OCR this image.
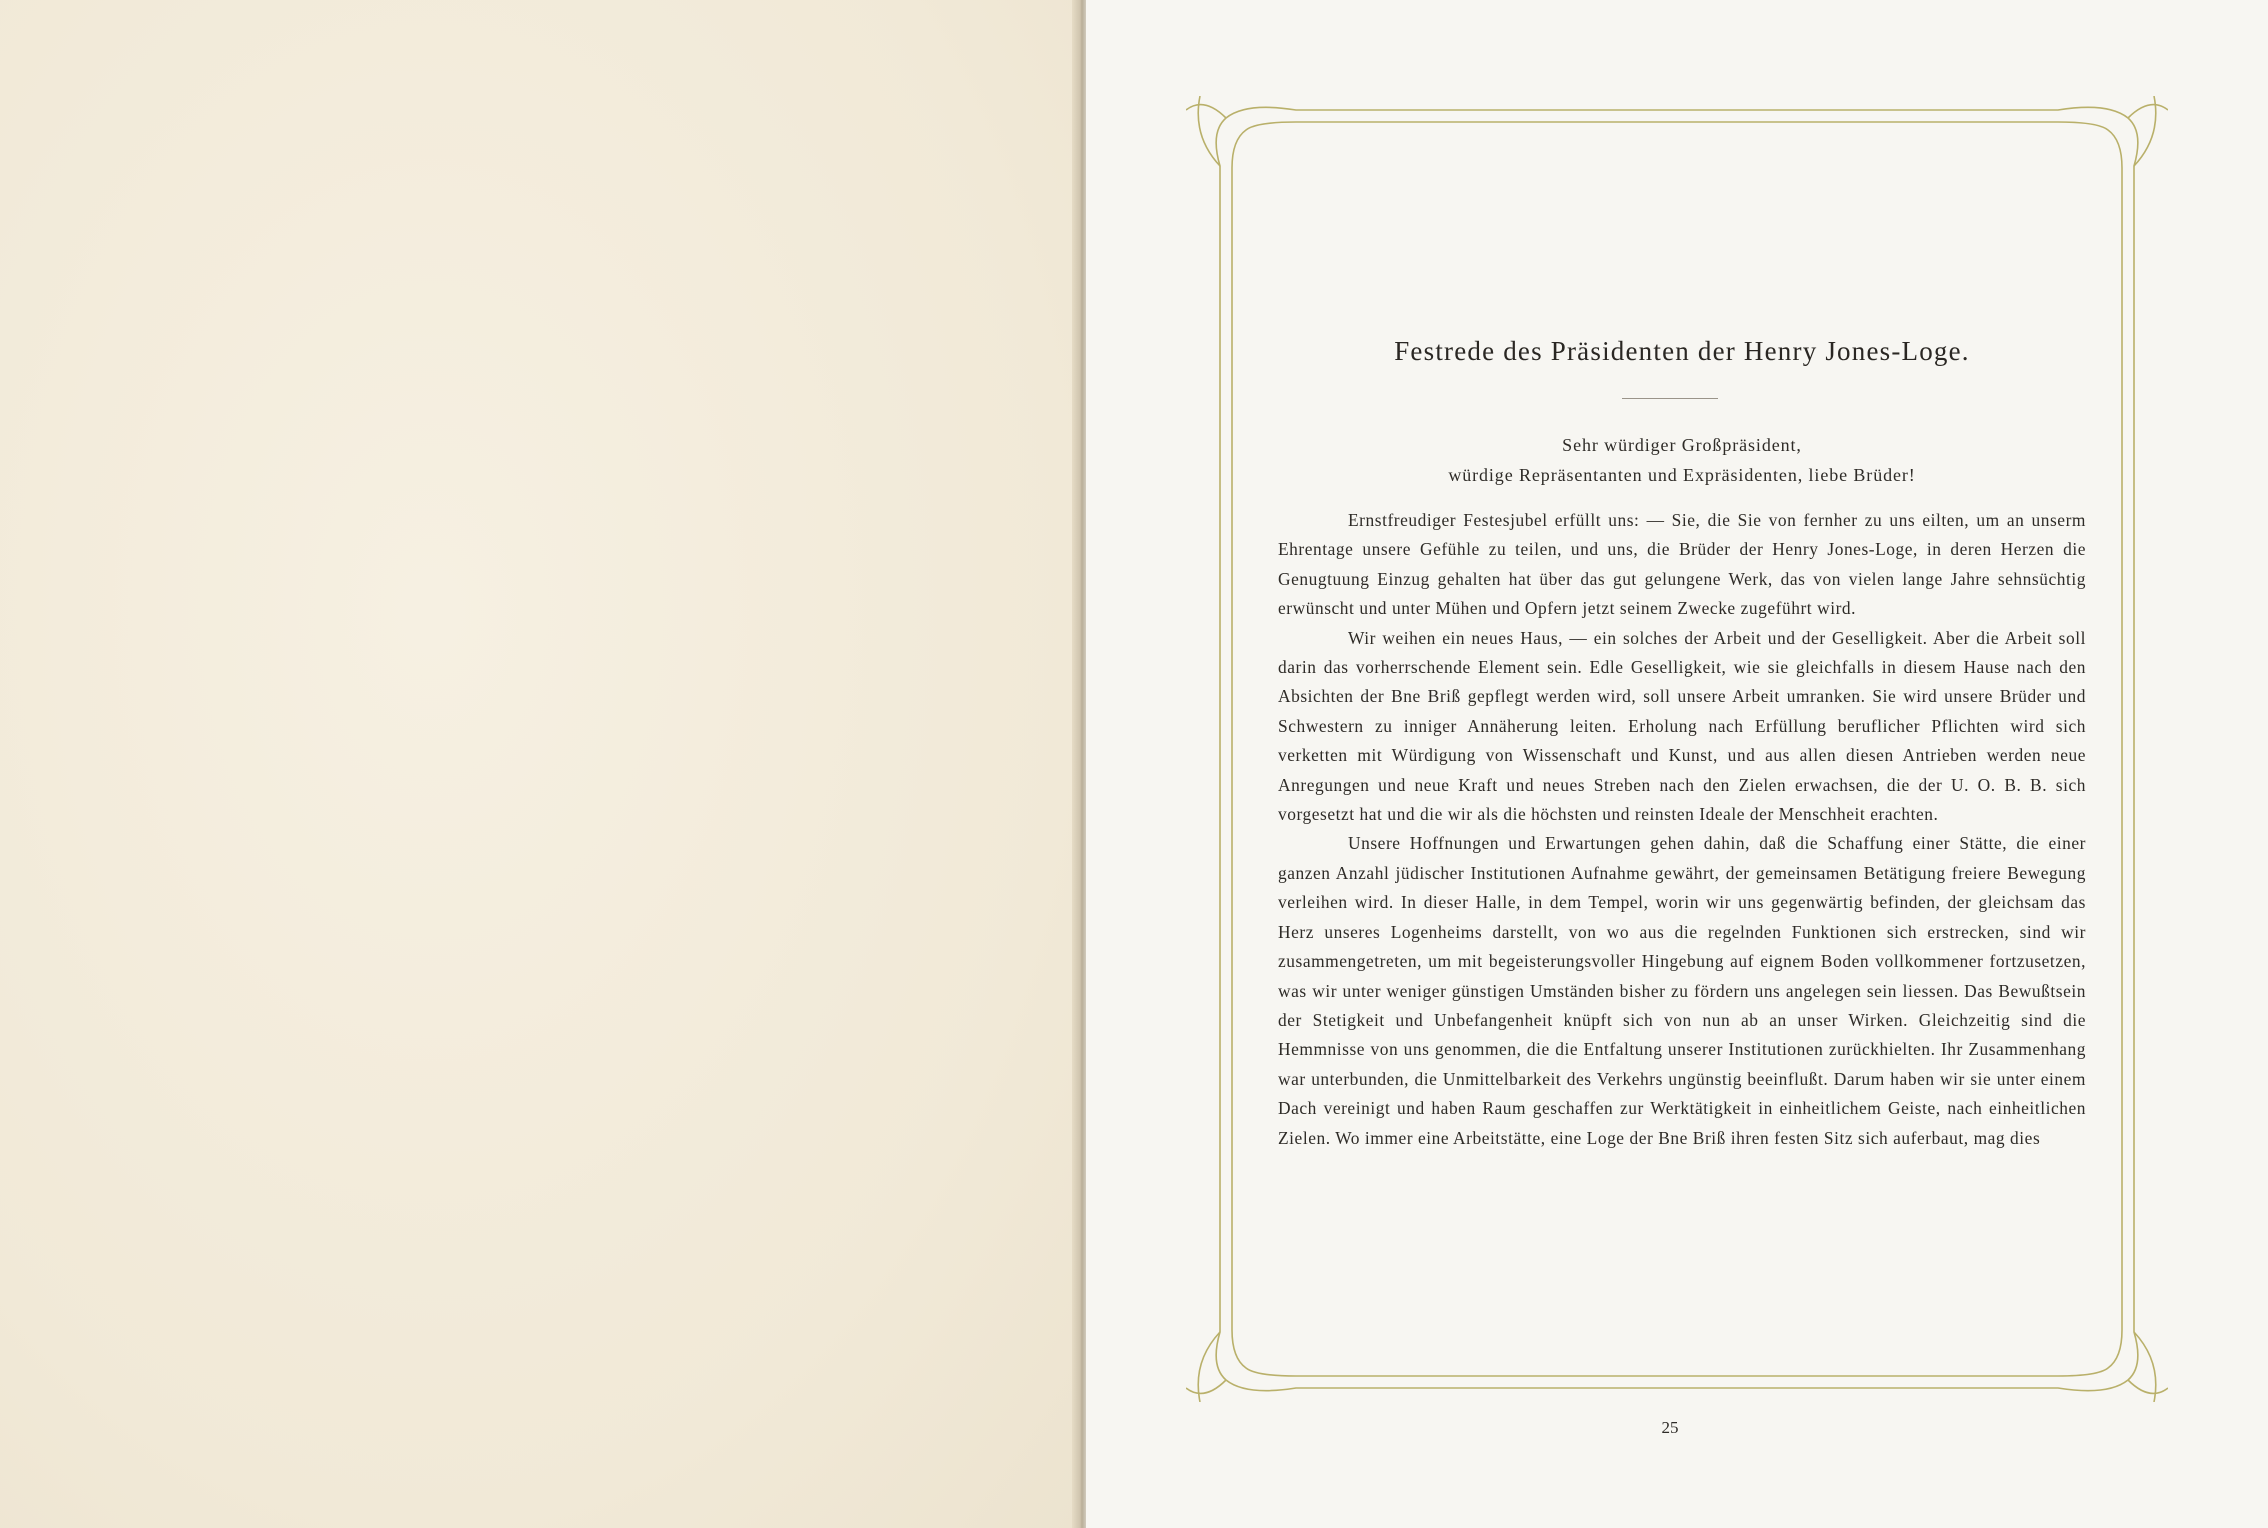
Festrede des Präsidenten der Henry Jones-Loge.
Sehr würdiger Großpräsident,
würdige Repräsentanten und Expräsidenten, liebe Brüder!

Ernstfreudiger Festesjubel erfüllt uns: — Sie, die Sie von fernher zu uns eilten, um an unserm Ehrentage unsere Gefühle zu teilen, und uns, die Brüder der Henry Jones-Loge, in deren Herzen die Genugtuung Einzug gehalten hat über das gut gelungene Werk, das von vielen lange Jahre sehnsüchtig erwünscht und unter Mühen und Opfern jetzt seinem Zwecke zugeführt wird.

Wir weihen ein neues Haus, — ein solches der Arbeit und der Geselligkeit. Aber die Arbeit soll darin das vorherrschende Element sein. Edle Geselligkeit, wie sie gleichfalls in diesem Hause nach den Absichten der Bne Briß gepflegt werden wird, soll unsere Arbeit umranken. Sie wird unsere Brüder und Schwestern zu inniger Annäherung leiten. Erholung nach Erfüllung beruflicher Pflichten wird sich verketten mit Würdigung von Wissenschaft und Kunst, und aus allen diesen Antrieben werden neue Anregungen und neue Kraft und neues Streben nach den Zielen erwachsen, die der U. O. B. B. sich vorgesetzt hat und die wir als die höchsten und reinsten Ideale der Menschheit erachten.

Unsere Hoffnungen und Erwartungen gehen dahin, daß die Schaffung einer Stätte, die einer ganzen Anzahl jüdischer Institutionen Aufnahme gewährt, der gemeinsamen Betätigung freiere Bewegung verleihen wird. In dieser Halle, in dem Tempel, worin wir uns gegenwärtig befinden, der gleichsam das Herz unseres Logenheims darstellt, von wo aus die regelnden Funktionen sich erstrecken, sind wir zusammengetreten, um mit begeisterungsvoller Hingebung auf eignem Boden vollkommener fortzusetzen, was wir unter weniger günstigen Umständen bisher zu fördern uns angelegen sein liessen. Das Bewußtsein der Stetigkeit und Unbefangenheit knüpft sich von nun ab an unser Wirken. Gleichzeitig sind die Hemmnisse von uns genommen, die die Entfaltung unserer Institutionen zurückhielten. Ihr Zusammenhang war unterbunden, die Unmittelbarkeit des Verkehrs ungünstig beeinflußt. Darum haben wir sie unter einem Dach vereinigt und haben Raum geschaffen zur Werktätigkeit in einheitlichem Geiste, nach einheitlichen Zielen. Wo immer eine Arbeitstätte, eine Loge der Bne Briß ihren festen Sitz sich auferbaut, mag dies

25
